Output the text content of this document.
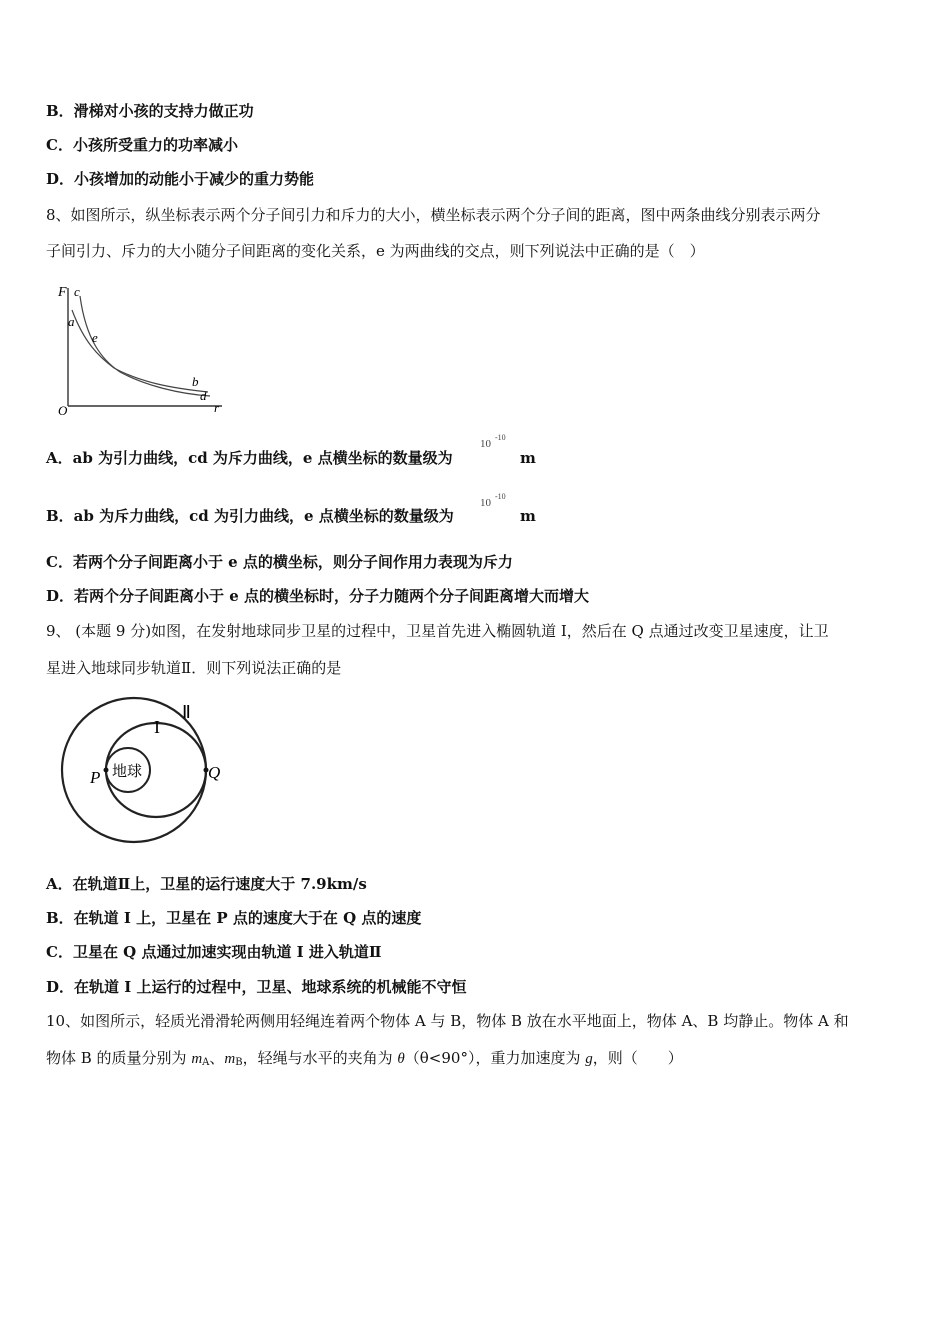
B．滑梯对小孩的支持力做正功
C．小孩所受重力的功率减小
D．小孩增加的动能小于减少的重力势能
8、如图所示，纵坐标表示两个分子间引力和斥力的大小，横坐标表示两个分子间的距离，图中两条曲线分别表示两分
子间引力、斥力的大小随分子间距离的变化关系，e 为两曲线的交点，则下列说法中正确的是（　）
F
r
O
a
b
c
d
e
A．ab 为引力曲线，cd 为斥力曲线，e 点横坐标的数量级为
10
-10
m
B．ab 为斥力曲线，cd 为引力曲线，e 点横坐标的数量级为
10
-10
m
C．若两个分子间距离小于 e 点的横坐标，则分子间作用力表现为斥力
D．若两个分子间距离小于 e 点的横坐标时，分子力随两个分子间距离增大而增大
9、 (本题 9 分)如图，在发射地球同步卫星的过程中，卫星首先进入椭圆轨道 I，然后在 Q 点通过改变卫星速度，让卫
星进入地球同步轨道Ⅱ．则下列说法正确的是
地球
P	Q
I
Ⅱ
A．在轨道Ⅱ上，卫星的运行速度大于 7.9km/s
B．在轨道 I 上，卫星在 P 点的速度大于在 Q 点的速度
C．卫星在 Q 点通过加速实现由轨道 I 进入轨道Ⅱ
D．在轨道 I 上运行的过程中，卫星、地球系统的机械能不守恒
10、如图所示，轻质光滑滑轮两侧用轻绳连着两个物体 A 与 B，物体 B 放在水平地面上，物体 A、B 均静止。物体 A 和
物体 B 的质量分别为 $m_A$、$m_B$，轻绳与水平的夹角为 θ（θ<90°），重力加速度为 g，则（　　）
